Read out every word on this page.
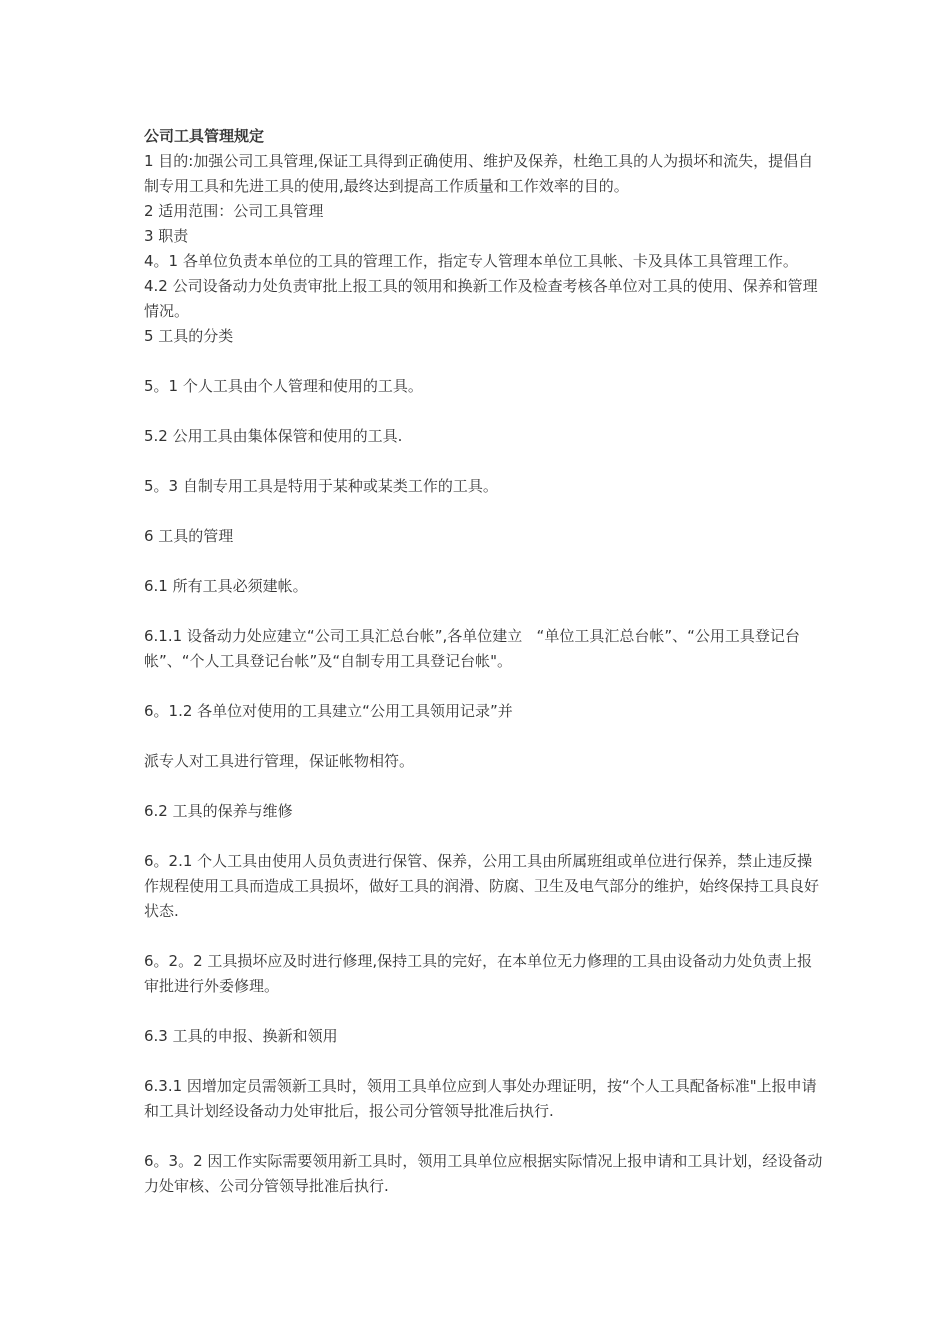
公司工具管理规定

1 目的:加强公司工具管理,保证工具得到正确使用、维护及保养，杜绝工具的人为损坏和流失，提倡自制专用工具和先进工具的使用,最终达到提高工作质量和工作效率的目的。

2 适用范围：公司工具管理

3 职责

4。1 各单位负责本单位的工具的管理工作，指定专人管理本单位工具帐、卡及具体工具管理工作。

4.2 公司设备动力处负责审批上报工具的领用和换新工作及检查考核各单位对工具的使用、保养和管理情况。

5 工具的分类

5。1 个人工具由个人管理和使用的工具。

5.2 公用工具由集体保管和使用的工具.

5。3 自制专用工具是特用于某种或某类工作的工具。

6 工具的管理

6.1 所有工具必须建帐。

6.1.1 设备动力处应建立“公司工具汇总台帐”,各单位建立   “单位工具汇总台帐”、“公用工具登记台帐”、“个人工具登记台帐”及“自制专用工具登记台帐"。

6。1.2 各单位对使用的工具建立“公用工具领用记录”并

派专人对工具进行管理，保证帐物相符。

6.2 工具的保养与维修

6。2.1 个人工具由使用人员负责进行保管、保养，公用工具由所属班组或单位进行保养，禁止违反操作规程使用工具而造成工具损坏，做好工具的润滑、防腐、卫生及电气部分的维护，始终保持工具良好状态.

6。2。2 工具损坏应及时进行修理,保持工具的完好，在本单位无力修理的工具由设备动力处负责上报审批进行外委修理。

6.3 工具的申报、换新和领用

6.3.1 因增加定员需领新工具时，领用工具单位应到人事处办理证明，按“个人工具配备标准"上报申请和工具计划经设备动力处审批后，报公司分管领导批准后执行.

6。3。2 因工作实际需要领用新工具时，领用工具单位应根据实际情况上报申请和工具计划，经设备动力处审核、公司分管领导批准后执行.
